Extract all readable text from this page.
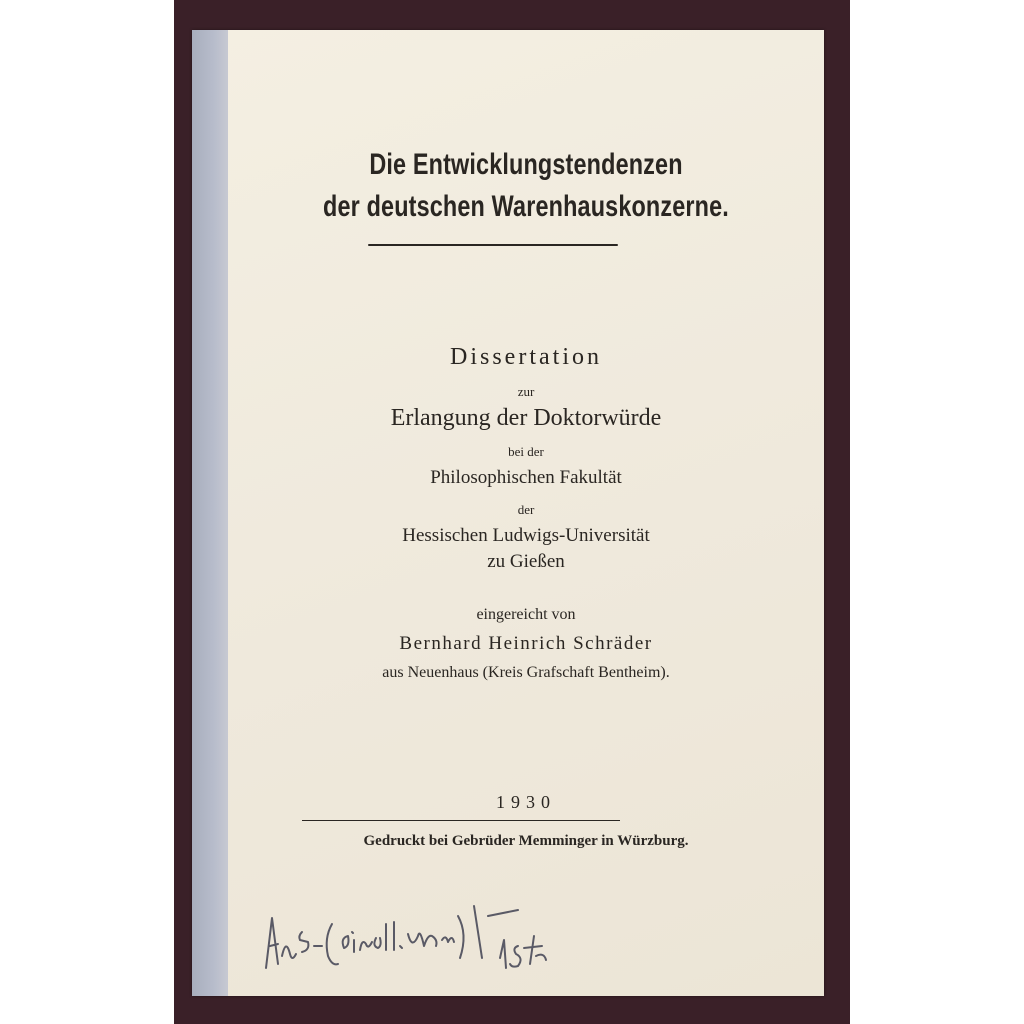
Die Entwicklungstendenzen
der deutschen Warenhauskonzerne.
Dissertation
zur
Erlangung der Doktorwürde
bei der
Philosophischen Fakultät
der
Hessischen Ludwigs-Universität
zu Gießen
eingereicht von
Bernhard Heinrich Schräder
aus Neuenhaus (Kreis Grafschaft Bentheim).
1930
Gedruckt bei Gebrüder Memminger in Würzburg.
